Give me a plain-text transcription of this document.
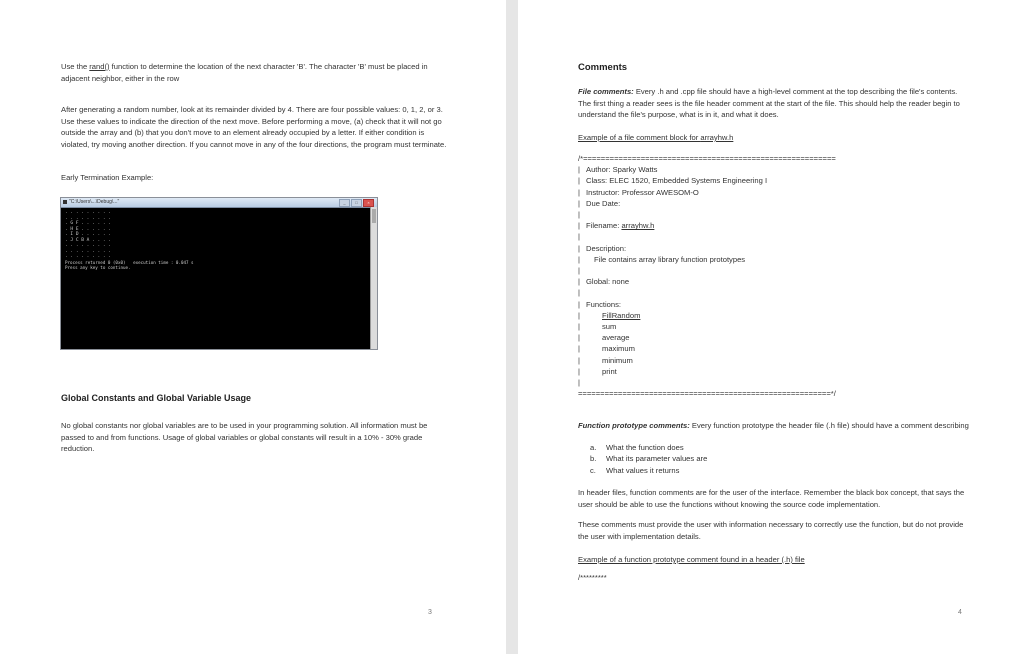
Use the rand() function to determine the location of the next character 'B'. The character 'B' must be placed in adjacent neighbor, either in the row
After generating a random number, look at its remainder divided by 4. There are four possible values: 0, 1, 2, or 3. Use these values to indicate the direction of the next move. Before performing a move, (a) check that it will not go outside the array and (b) that you don't move to an element already occupied by a letter. If either condition is violated, try moving another direction. If you cannot move in any of the four directions, the program must terminate.
Early Termination Example:
"C:\Users\...\Debug\..."	_	□	×
. . . . . . . . .
. . . . . . . . .
. G F . . . . . .
. H E . . . . . .
. I D . . . . . .
. J C B A . . . .
. . . . . . . . .
. . . . . . . . .
. . . . . . . . .
Process returned 0 (0x0)   execution time : 0.047 s
Press any key to continue.
Global Constants and Global Variable Usage
No global constants nor global variables are to be used in your programming solution. All information must be passed to and from functions. Usage of global variables or global constants will result in a 10% - 30% grade reduction.
3
Comments
File comments: Every .h and .cpp file should have a high-level comment at the top describing the file's contents. The first thing a reader sees is the file header comment at the start of the file. This should help the reader begin to understand the file's purpose, what is in it, and what it does.
Example of a file comment block for arrayhw.h
/*=========================================================
| Author: Sparky Watts
| Class: ELEC 1520, Embedded Systems Engineering I
| Instructor: Professor AWESOM-O
| Due Date:
|
| Filename: arrayhw.h
|
| Description:
| File contains array library function prototypes
|
| Global: none
|
| Functions:
|	FillRandom
|	sum
|	average
|	maximum
|	minimum
|	print
|
=========================================================*/
Function prototype comments: Every function prototype the header file (.h file) should have a comment describing
a. What the function does
b. What its parameter values are
c. What values it returns
In header files, function comments are for the user of the interface. Remember the black box concept, that says the user should be able to use the functions without knowing the source code implementation.
These comments must provide the user with information necessary to correctly use the function, but do not provide the user with implementation details.
Example of a function prototype comment found in a header (.h) file
/*********
4
